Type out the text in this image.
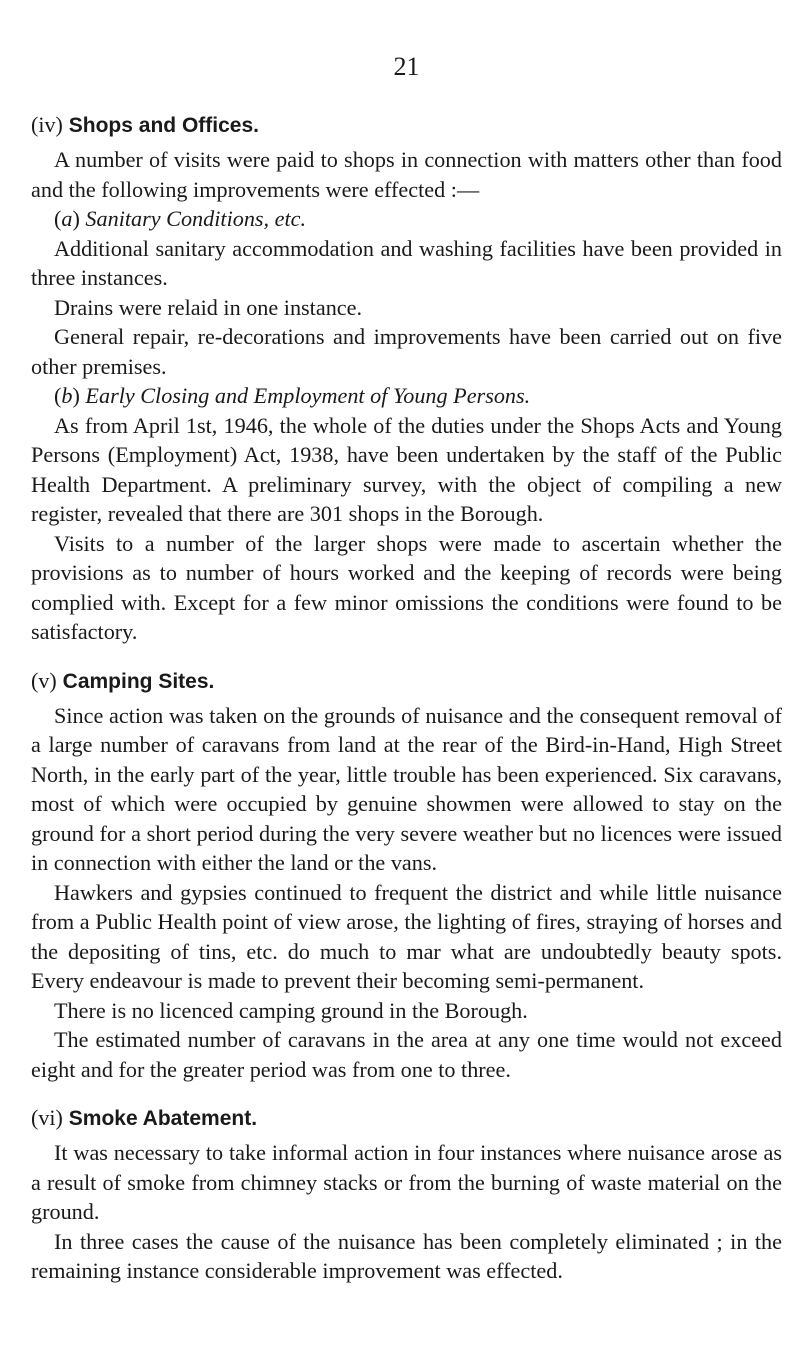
21
(iv) Shops and Offices.

A number of visits were paid to shops in connection with matters other than food and the following improvements were effected :—

(a) Sanitary Conditions, etc.

Additional sanitary accommodation and washing facilities have been provided in three instances.

Drains were relaid in one instance.

General repair, re-decorations and improvements have been carried out on five other premises.

(b) Early Closing and Employment of Young Persons.

As from April 1st, 1946, the whole of the duties under the Shops Acts and Young Persons (Employment) Act, 1938, have been undertaken by the staff of the Public Health Department. A preliminary survey, with the object of compiling a new register, revealed that there are 301 shops in the Borough.

Visits to a number of the larger shops were made to ascertain whether the provisions as to number of hours worked and the keeping of records were being complied with. Except for a few minor omissions the conditions were found to be satisfactory.

(v) Camping Sites.

Since action was taken on the grounds of nuisance and the consequent removal of a large number of caravans from land at the rear of the Bird-in-Hand, High Street North, in the early part of the year, little trouble has been experienced. Six caravans, most of which were occupied by genuine showmen were allowed to stay on the ground for a short period during the very severe weather but no licences were issued in connection with either the land or the vans.

Hawkers and gypsies continued to frequent the district and while little nuisance from a Public Health point of view arose, the lighting of fires, straying of horses and the depositing of tins, etc. do much to mar what are undoubtedly beauty spots. Every endeavour is made to prevent their becoming semi-permanent.

There is no licenced camping ground in the Borough.

The estimated number of caravans in the area at any one time would not exceed eight and for the greater period was from one to three.

(vi) Smoke Abatement.

It was necessary to take informal action in four instances where nuisance arose as a result of smoke from chimney stacks or from the burning of waste material on the ground.

In three cases the cause of the nuisance has been completely eliminated ; in the remaining instance considerable improvement was effected.
